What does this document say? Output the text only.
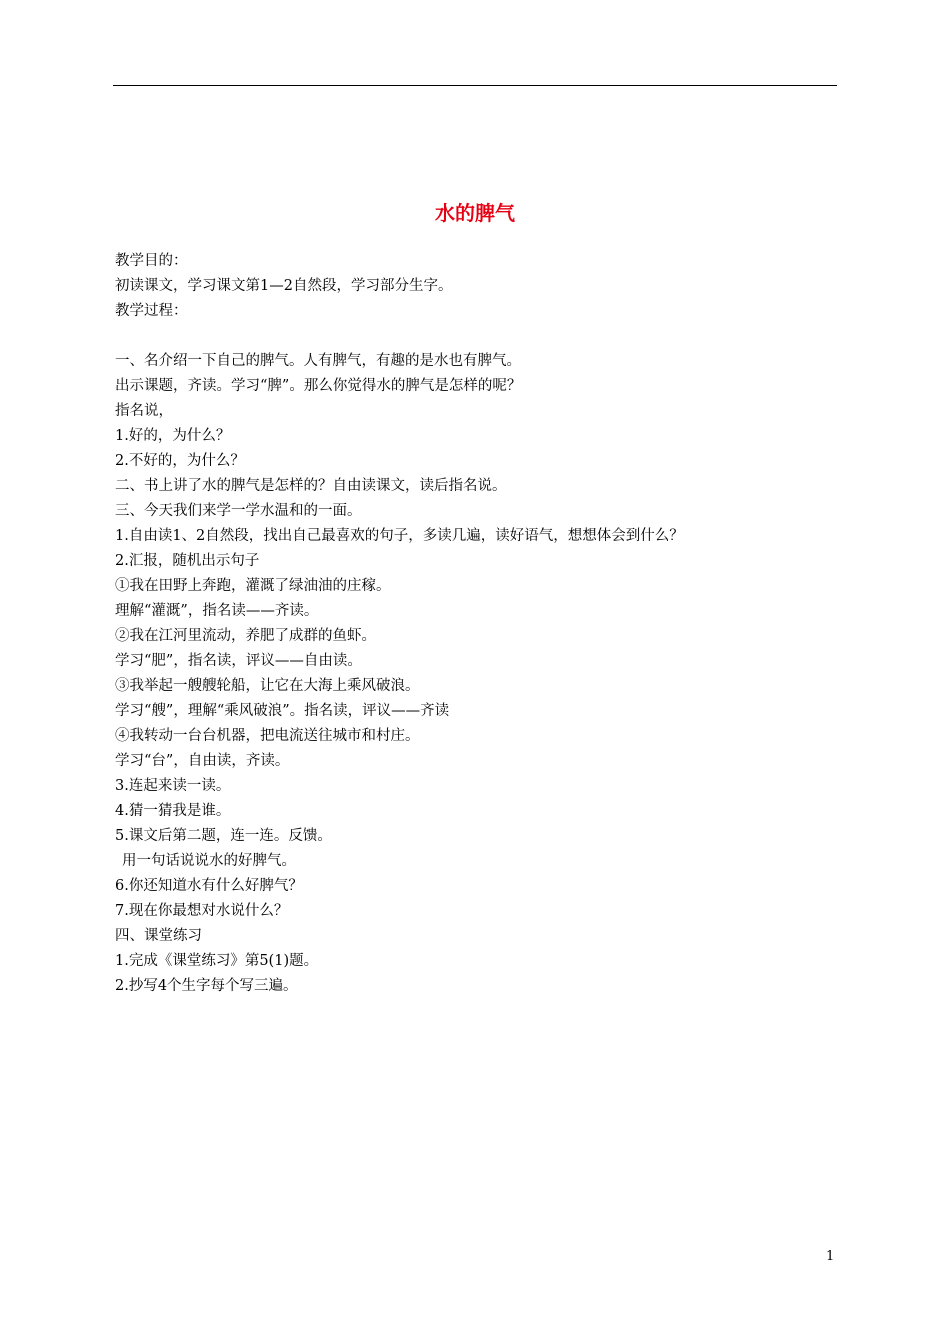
水的脾气
教学目的：
初读课文，学习课文第1—2自然段，学习部分生字。
教学过程：
一、名介绍一下自己的脾气。人有脾气，有趣的是水也有脾气。
出示课题，齐读。学习“脾”。那么你觉得水的脾气是怎样的呢？
指名说，
1.好的，为什么？
2.不好的，为什么？
二、书上讲了水的脾气是怎样的？自由读课文，读后指名说。
三、今天我们来学一学水温和的一面。
1.自由读1、2自然段，找出自己最喜欢的句子，多读几遍，读好语气，想想体会到什么？
2.汇报，随机出示句子
①我在田野上奔跑，灌溉了绿油油的庄稼。
理解“灌溉”，指名读——齐读。
②我在江河里流动，养肥了成群的鱼虾。
学习“肥”，指名读，评议——自由读。
③我举起一艘艘轮船，让它在大海上乘风破浪。
学习“艘”，理解“乘风破浪”。指名读，评议——齐读
④我转动一台台机器，把电流送往城市和村庄。
学习“台”，自由读，齐读。
3.连起来读一读。
4.猜一猜我是谁。
5.课文后第二题，连一连。反馈。
用一句话说说水的好脾气。
6.你还知道水有什么好脾气？
7.现在你最想对水说什么？
四、课堂练习
1.完成《课堂练习》第5(1)题。
2.抄写4个生字每个写三遍。
1
